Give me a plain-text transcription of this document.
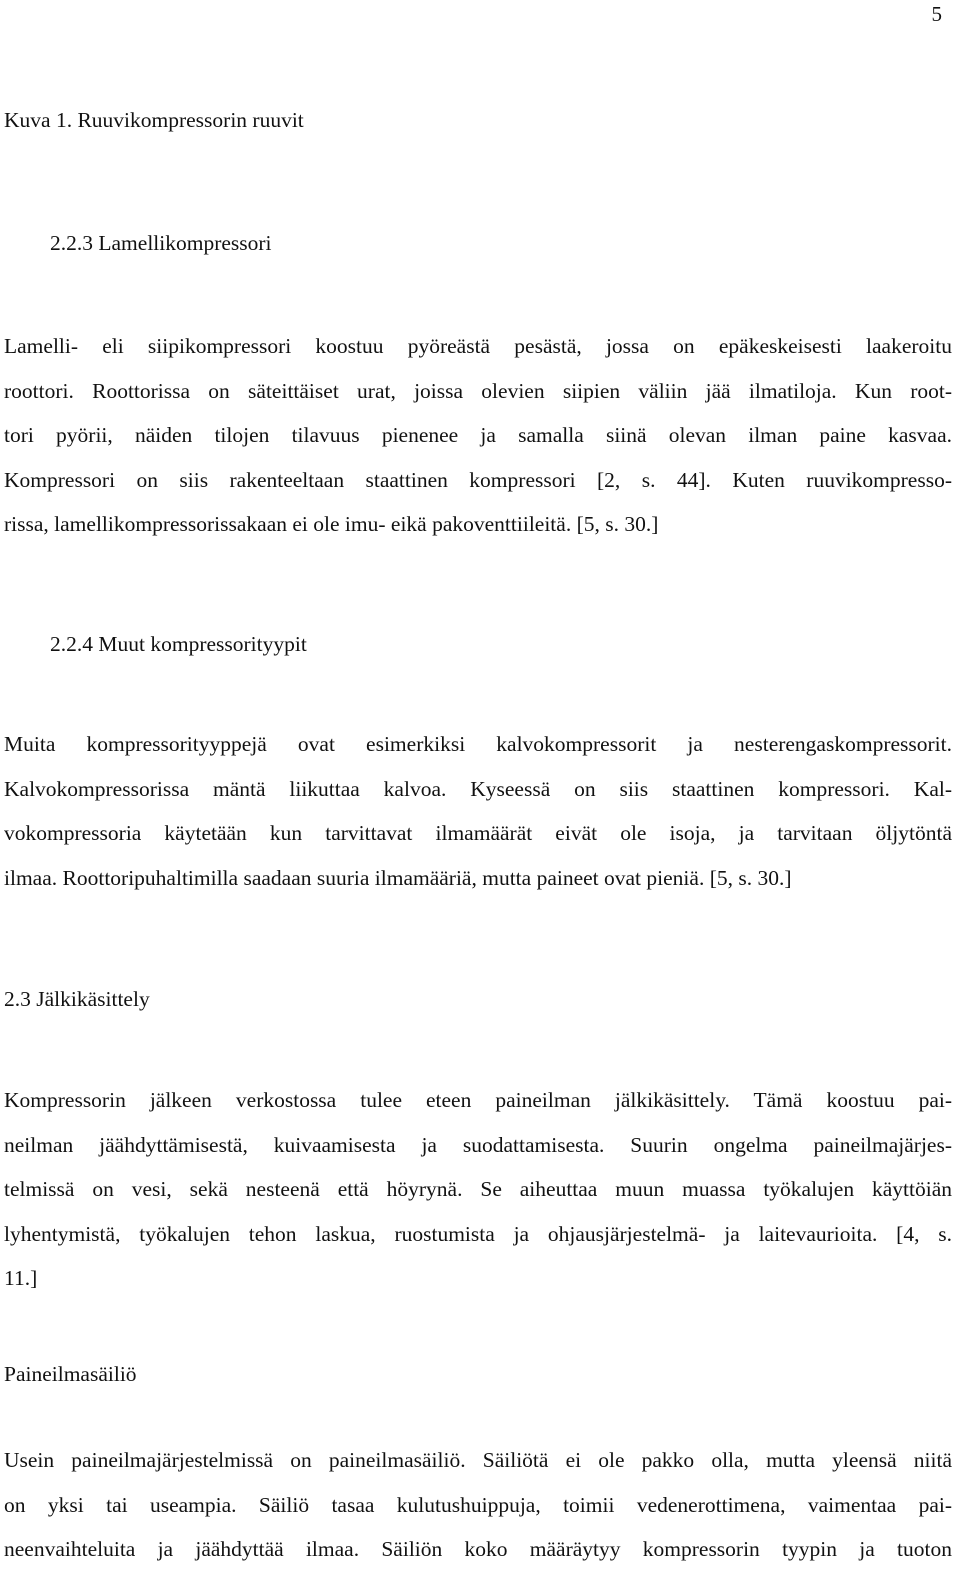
5
Kuva 1. Ruuvikompressorin ruuvit
2.2.3 Lamellikompressori
Lamelli- eli siipikompressori koostuu pyöreästä pesästä, jossa on epäkeskeisesti laakeroitu
roottori. Roottorissa on säteittäiset urat, joissa olevien siipien väliin jää ilmatiloja. Kun root-
tori pyörii, näiden tilojen tilavuus pienenee ja samalla siinä olevan ilman paine kasvaa.
Kompressori on siis rakenteeltaan staattinen kompressori [2, s. 44]. Kuten ruuvikompresso-
rissa, lamellikompressorissakaan ei ole imu- eikä pakoventtiileitä. [5, s. 30.]
2.2.4 Muut kompressorityypit
Muita kompressorityyppejä ovat esimerkiksi kalvokompressorit ja nesterengaskompressorit.
Kalvokompressorissa mäntä liikuttaa kalvoa. Kyseessä on siis staattinen kompressori. Kal-
vokompressoria käytetään kun tarvittavat ilmamäärät eivät ole isoja, ja tarvitaan öljytöntä
ilmaa. Roottoripuhaltimilla saadaan suuria ilmamääriä, mutta paineet ovat pieniä. [5, s. 30.]
2.3 Jälkikäsittely
Kompressorin jälkeen verkostossa tulee eteen paineilman jälkikäsittely. Tämä koostuu pai-
neilman jäähdyttämisestä, kuivaamisesta ja suodattamisesta. Suurin ongelma paineilmajärjes-
telmissä on vesi, sekä nesteenä että höyrynä. Se aiheuttaa muun muassa työkalujen käyttöiän
lyhentymistä, työkalujen tehon laskua, ruostumista ja ohjausjärjestelmä- ja laitevaurioita. [4, s.
11.]
Paineilmasäiliö
Usein paineilmajärjestelmissä on paineilmasäiliö. Säiliötä ei ole pakko olla, mutta yleensä niitä
on yksi tai useampia. Säiliö tasaa kulutushuippuja, toimii vedenerottimena, vaimentaa pai-
neenvaihteluita ja jäähdyttää ilmaa. Säiliön koko määräytyy kompressorin tyypin ja tuoton
